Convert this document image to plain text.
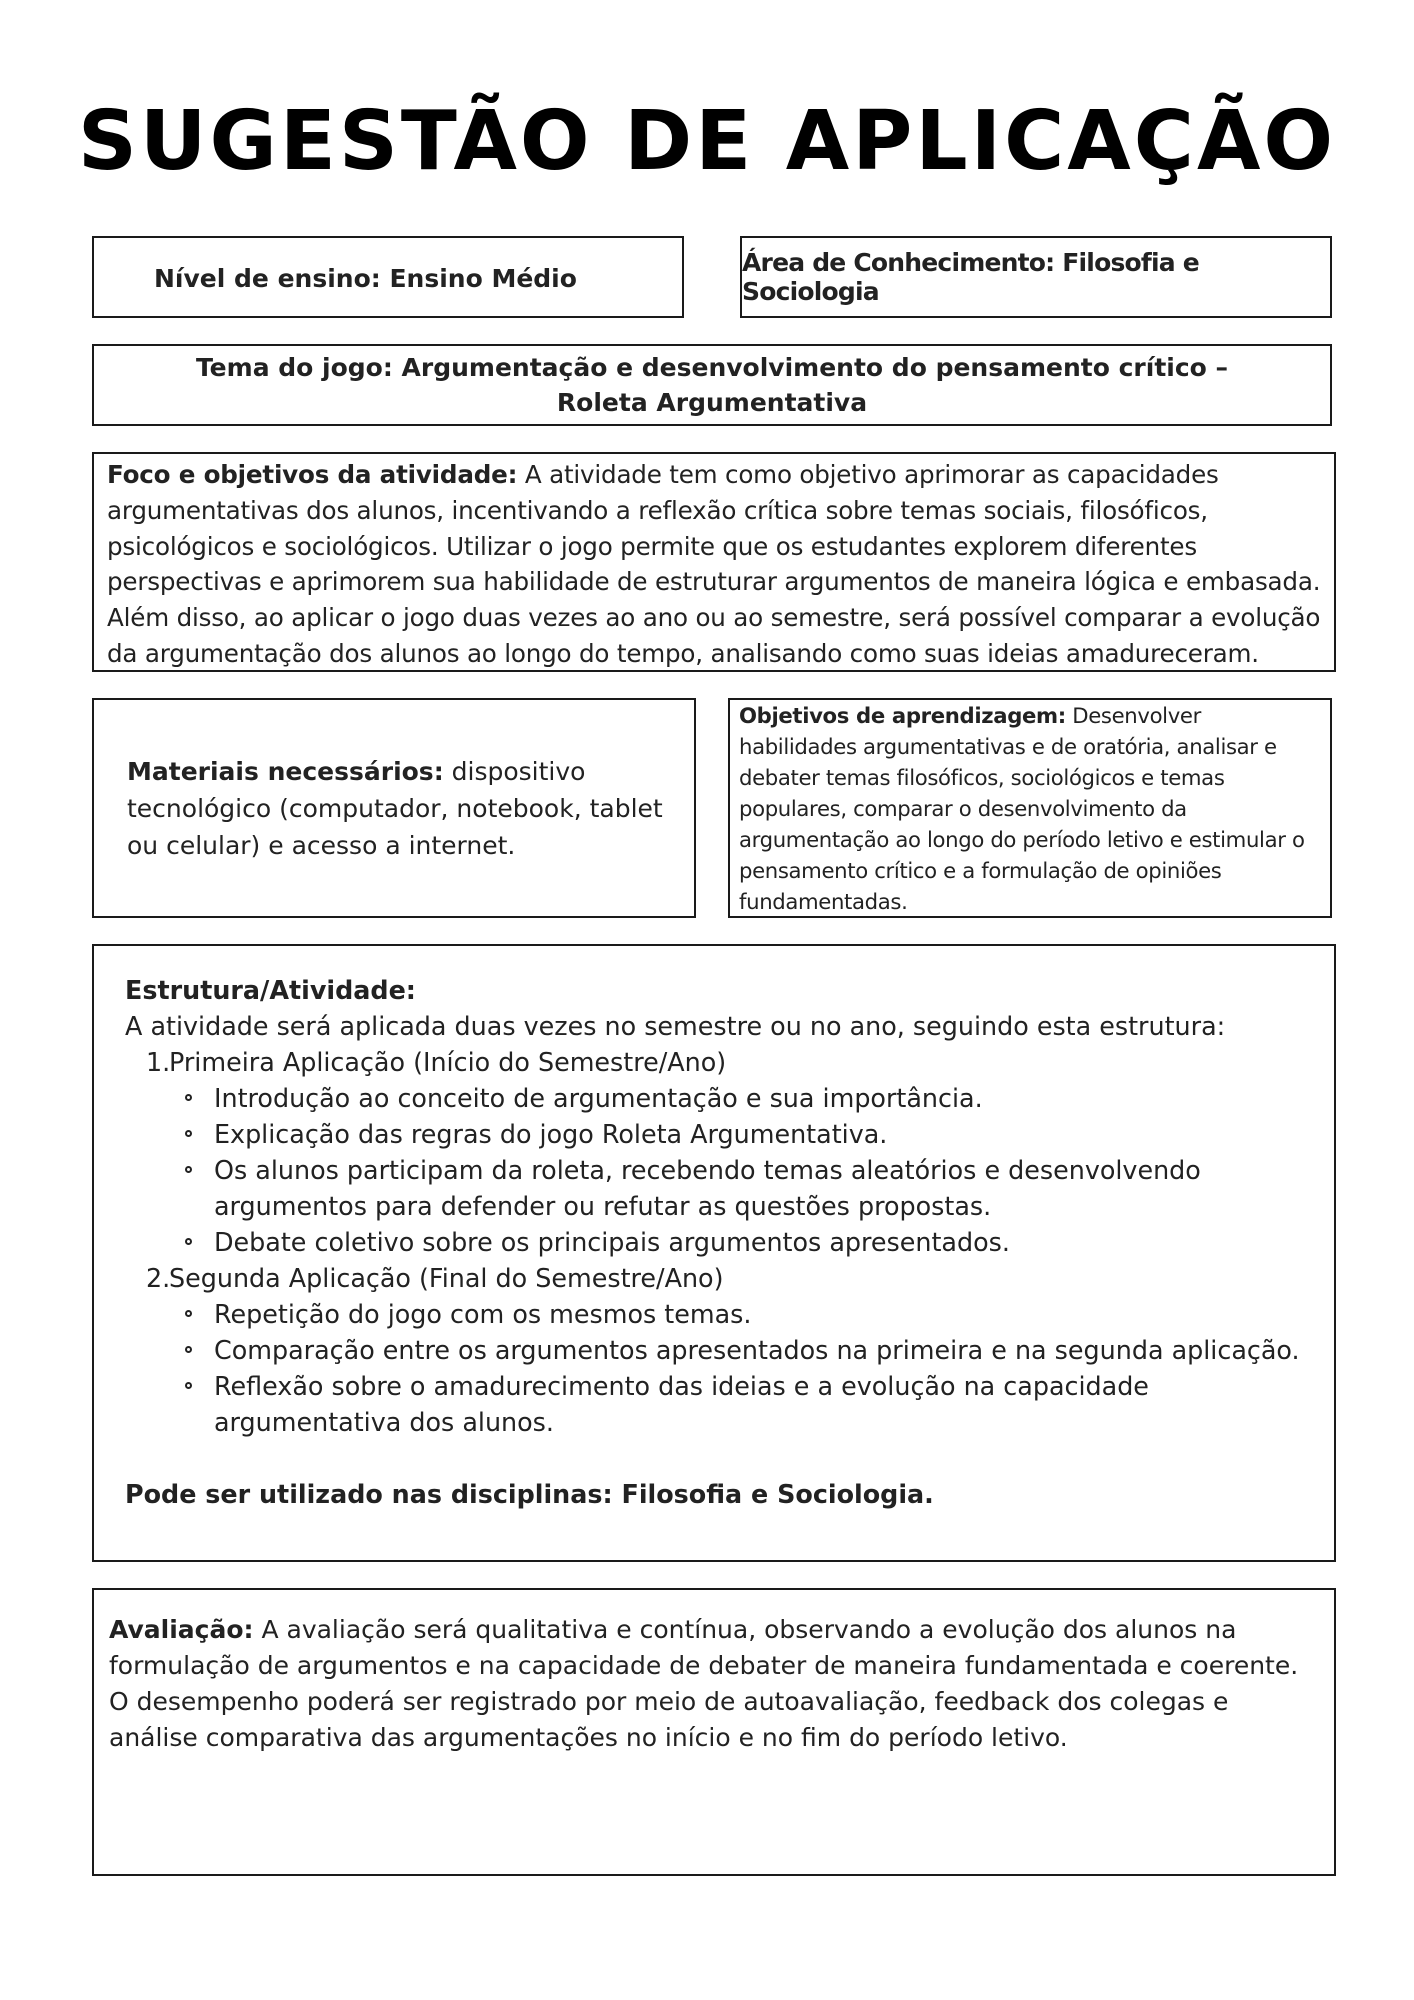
SUGESTÃO DE APLICAÇÃO
Nível de ensino: Ensino Médio
Área de Conhecimento: Filosofia e Sociologia
Tema do jogo: Argumentação e desenvolvimento do pensamento crítico – Roleta Argumentativa
Foco e objetivos da atividade: A atividade tem como objetivo aprimorar as capacidades argumentativas dos alunos, incentivando a reflexão crítica sobre temas sociais, filosóficos, psicológicos e sociológicos. Utilizar o jogo permite que os estudantes explorem diferentes perspectivas e aprimorem sua habilidade de estruturar argumentos de maneira lógica e embasada. Além disso, ao aplicar o jogo duas vezes ao ano ou ao semestre, será possível comparar a evolução da argumentação dos alunos ao longo do tempo, analisando como suas ideias amadureceram.
Materiais necessários: dispositivo tecnológico (computador, notebook, tablet ou celular) e acesso a internet.
Objetivos de aprendizagem: Desenvolver habilidades argumentativas e de oratória, analisar e debater temas filosóficos, sociológicos e temas populares, comparar o desenvolvimento da argumentação ao longo do período letivo e estimular o pensamento crítico e a formulação de opiniões fundamentadas.
Estrutura/Atividade:
A atividade será aplicada duas vezes no semestre ou no ano, seguindo esta estrutura:
1.Primeira Aplicação (Início do Semestre/Ano)
Introdução ao conceito de argumentação e sua importância.
Explicação das regras do jogo Roleta Argumentativa.
Os alunos participam da roleta, recebendo temas aleatórios e desenvolvendo argumentos para defender ou refutar as questões propostas.
Debate coletivo sobre os principais argumentos apresentados.
2.Segunda Aplicação (Final do Semestre/Ano)
Repetição do jogo com os mesmos temas.
Comparação entre os argumentos apresentados na primeira e na segunda aplicação.
Reflexão sobre o amadurecimento das ideias e a evolução na capacidade argumentativa dos alunos.
Pode ser utilizado nas disciplinas: Filosofia e Sociologia.
Avaliação: A avaliação será qualitativa e contínua, observando a evolução dos alunos na formulação de argumentos e na capacidade de debater de maneira fundamentada e coerente. O desempenho poderá ser registrado por meio de autoavaliação, feedback dos colegas e análise comparativa das argumentações no início e no fim do período letivo.
